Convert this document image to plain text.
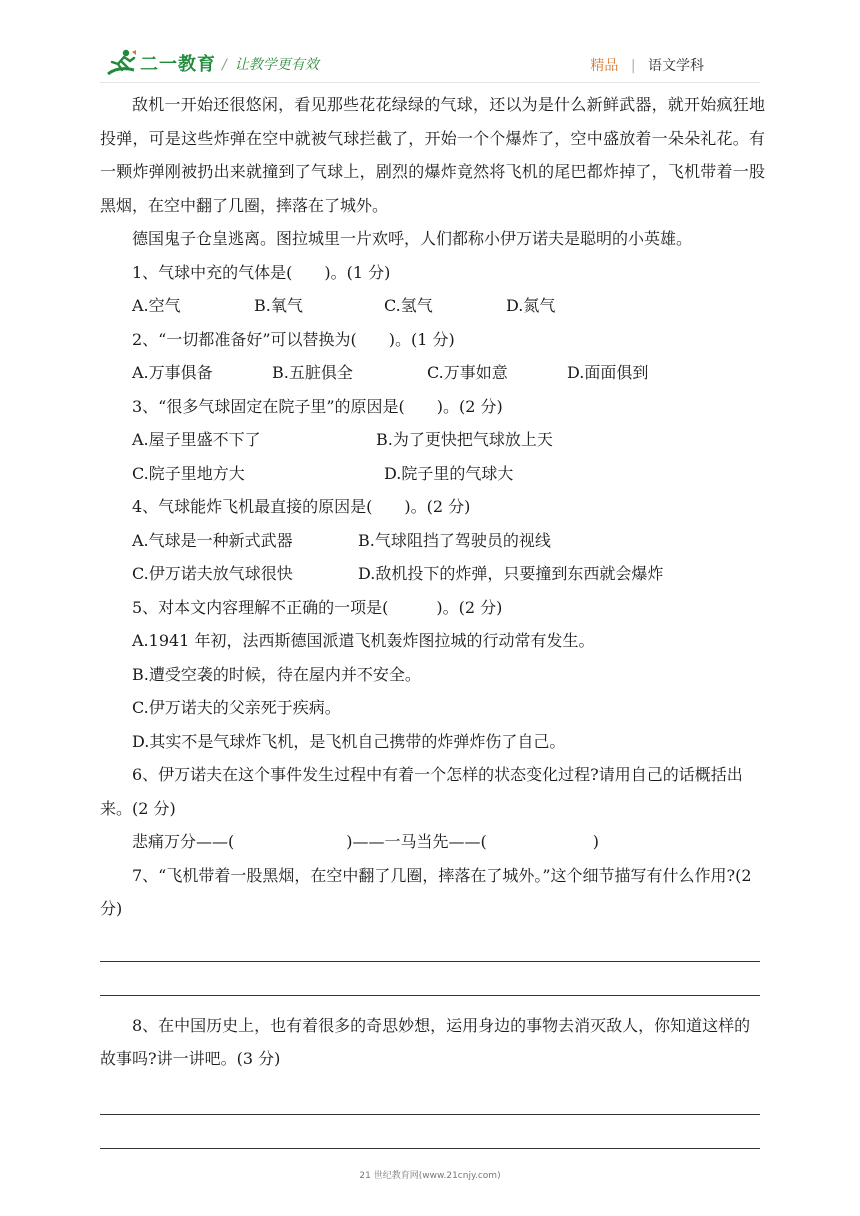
二一教育 / 让教学更有效	精品 | 语文学科

敌机一开始还很悠闲，看见那些花花绿绿的气球，还以为是什么新鲜武器，就开始疯狂地投弹，可是这些炸弹在空中就被气球拦截了，开始一个个爆炸了，空中盛放着一朵朵礼花。有一颗炸弹刚被扔出来就撞到了气球上，剧烈的爆炸竟然将飞机的尾巴都炸掉了，飞机带着一股黑烟，在空中翻了几圈，摔落在了城外。

德国鬼子仓皇逃离。图拉城里一片欢呼，人们都称小伊万诺夫是聪明的小英雄。

1、气球中充的气体是(　　)。(1 分)

A.空气	B.氧气	C.氢气	D.氮气

2、“一切都准备好”可以替换为(　　)。(1 分)

A.万事俱备	B.五脏俱全	C.万事如意	D.面面俱到

3、“很多气球固定在院子里”的原因是(　　)。(2 分)

A.屋子里盛不下了	B.为了更快把气球放上天
C.院子里地方大	D.院子里的气球大

4、气球能炸飞机最直接的原因是(　　)。(2 分)

A.气球是一种新式武器	B.气球阻挡了驾驶员的视线
C.伊万诺夫放气球很快	D.敌机投下的炸弹，只要撞到东西就会爆炸

5、对本文内容理解不正确的一项是(　　　)。(2 分)

A.1941 年初，法西斯德国派遣飞机轰炸图拉城的行动常有发生。
B.遭受空袭的时候，待在屋内并不安全。
C.伊万诺夫的父亲死于疾病。
D.其实不是气球炸飞机，是飞机自己携带的炸弹炸伤了自己。

6、伊万诺夫在这个事件发生过程中有着一个怎样的状态变化过程?请用自己的话概括出来。(2 分)

悲痛万分——(	)——一马当先——(	)

7、“飞机带着一股黑烟，在空中翻了几圈，摔落在了城外。”这个细节描写有什么作用?(2 分)

8、在中国历史上，也有着很多的奇思妙想，运用身边的事物去消灭敌人，你知道这样的故事吗?讲一讲吧。(3 分)

21 世纪教育网(www.21cnjy.com)
